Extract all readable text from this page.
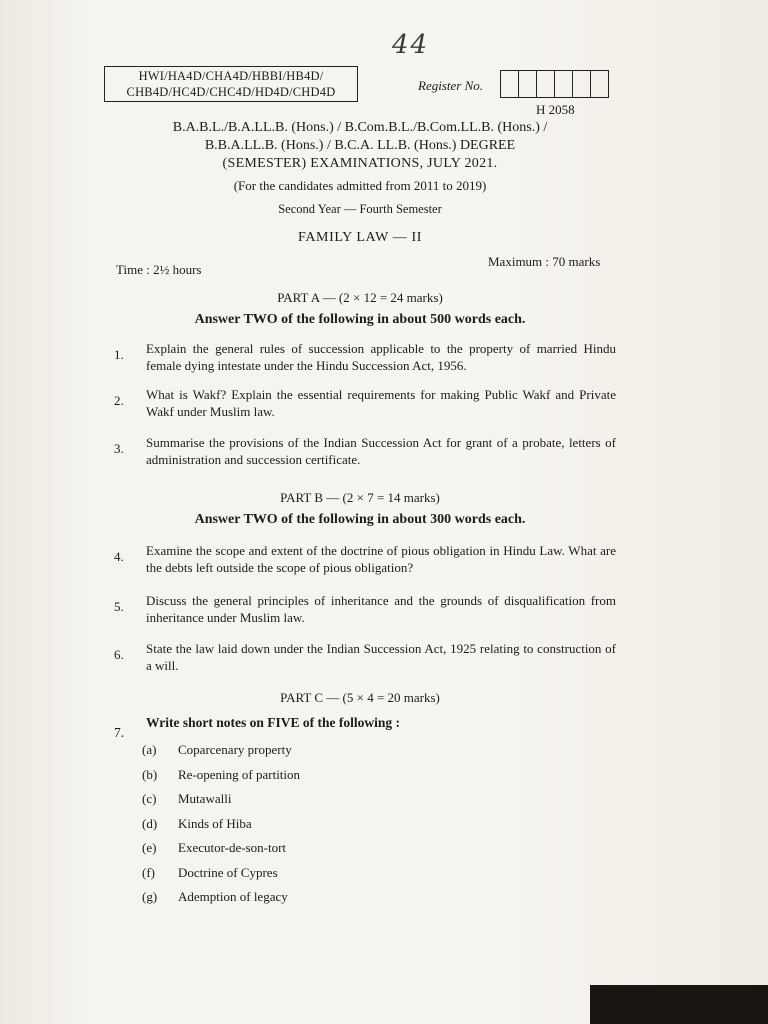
44
HWI/HA4D/CHA4D/HBBI/HB4D/
CHB4D/HC4D/CHC4D/HD4D/CHD4D	Register No.
H 2058
B.A.B.L./B.A.LL.B. (Hons.) / B.Com.B.L./B.Com.LL.B. (Hons.) /
B.B.A.LL.B. (Hons.) / B.C.A. LL.B. (Hons.) DEGREE
(SEMESTER) EXAMINATIONS, JULY 2021.
(For the candidates admitted from 2011 to 2019)
Second Year — Fourth Semester
FAMILY LAW — II
Time : 2½ hours
Maximum : 70 marks
PART A — (2 × 12 = 24 marks)
Answer TWO of the following in about 500 words each.
1.	Explain the general rules of succession applicable to the property of married Hindu female dying intestate under the Hindu Succession Act, 1956.
2.	What is Wakf? Explain the essential requirements for making Public Wakf and Private Wakf under Muslim law.
3.	Summarise the provisions of the Indian Succession Act for grant of a probate, letters of administration and succession certificate.
PART B — (2 × 7 = 14 marks)
Answer TWO of the following in about 300 words each.
4.	Examine the scope and extent of the doctrine of pious obligation in Hindu Law. What are the debts left outside the scope of pious obligation?
5.	Discuss the general principles of inheritance and the grounds of disqualification from inheritance under Muslim law.
6.	State the law laid down under the Indian Succession Act, 1925 relating to construction of a will.
PART C — (5 × 4 = 20 marks)
7.
Write short notes on FIVE of the following :
(a)	Coparcenary property
(b)	Re-opening of partition
(c)	Mutawalli
(d)	Kinds of Hiba
(e)	Executor-de-son-tort
(f)	Doctrine of Cypres
(g)	Ademption of legacy
